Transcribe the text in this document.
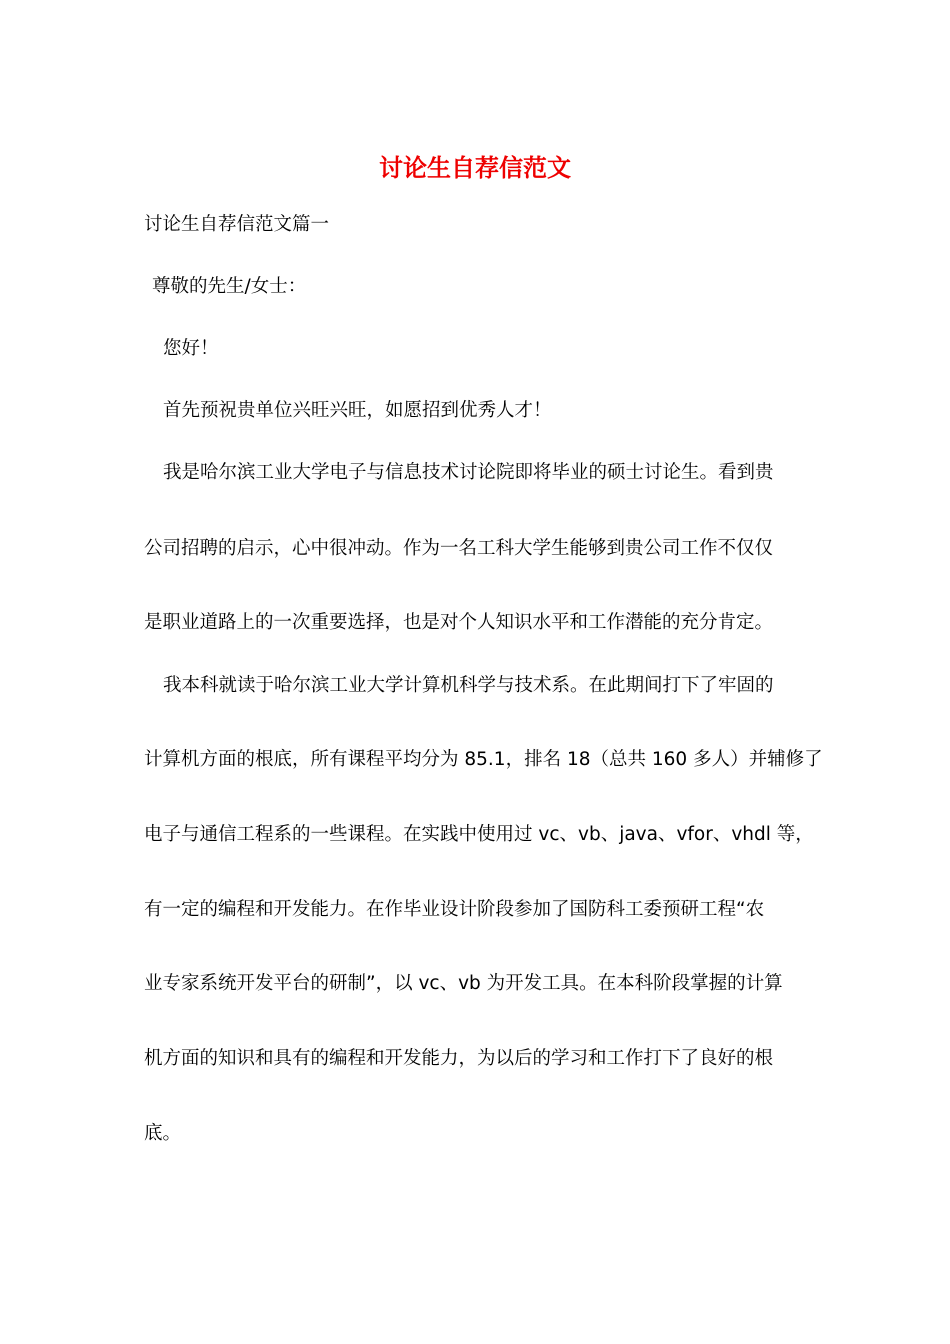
讨论生自荐信范文
讨论生自荐信范文篇一
尊敬的先生/女士：
您好！
首先预祝贵单位兴旺兴旺，如愿招到优秀人才！
我是哈尔滨工业大学电子与信息技术讨论院即将毕业的硕士讨论生。看到贵
公司招聘的启示，心中很冲动。作为一名工科大学生能够到贵公司工作不仅仅
是职业道路上的一次重要选择，也是对个人知识水平和工作潜能的充分肯定。
我本科就读于哈尔滨工业大学计算机科学与技术系。在此期间打下了牢固的
计算机方面的根底，所有课程平均分为 85.1，排名 18（总共 160 多人）并辅修了
电子与通信工程系的一些课程。在实践中使用过 vc、vb、java、vfor、vhdl 等，
有一定的编程和开发能力。在作毕业设计阶段参加了国防科工委预研工程“农
业专家系统开发平台的研制”，以 vc、vb 为开发工具。在本科阶段掌握的计算
机方面的知识和具有的编程和开发能力，为以后的学习和工作打下了良好的根
底。
